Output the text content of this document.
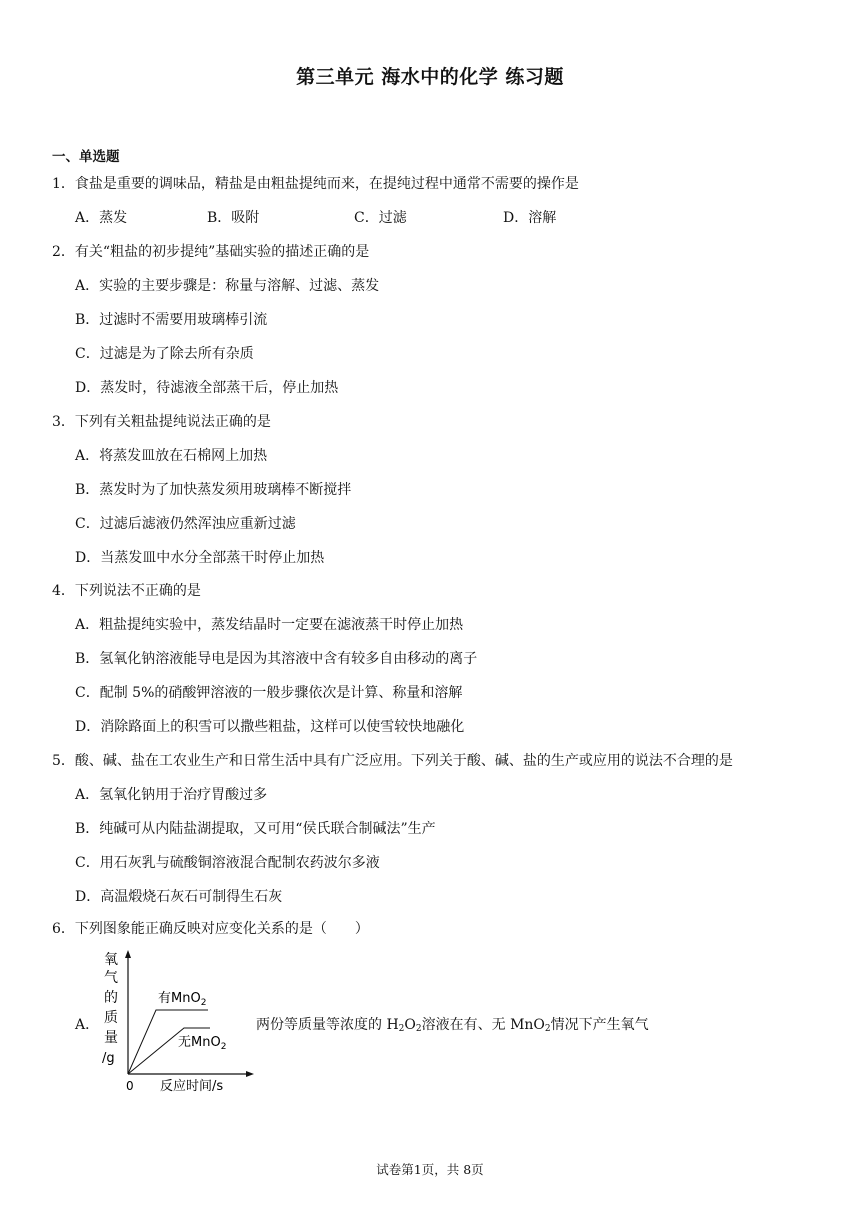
第三单元 海水中的化学 练习题
一、单选题
1．食盐是重要的调味品，精盐是由粗盐提纯而来，在提纯过程中通常不需要的操作是
A．蒸发	B．吸附	C．过滤	D．溶解
2．有关“粗盐的初步提纯”基础实验的描述正确的是
A．实验的主要步骤是：称量与溶解、过滤、蒸发
B．过滤时不需要用玻璃棒引流
C．过滤是为了除去所有杂质
D．蒸发时，待滤液全部蒸干后，停止加热
3．下列有关粗盐提纯说法正确的是
A．将蒸发皿放在石棉网上加热
B．蒸发时为了加快蒸发须用玻璃棒不断搅拌
C．过滤后滤液仍然浑浊应重新过滤
D．当蒸发皿中水分全部蒸干时停止加热
4．下列说法不正确的是
A．粗盐提纯实验中，蒸发结晶时一定要在滤液蒸干时停止加热
B．氢氧化钠溶液能导电是因为其溶液中含有较多自由移动的离子
C．配制 5%的硝酸钾溶液的一般步骤依次是计算、称量和溶解
D．消除路面上的积雪可以撒些粗盐，这样可以使雪较快地融化
5．酸、碱、盐在工农业生产和日常生活中具有广泛应用。下列关于酸、碱、盐的生产或应用的说法不合理的是
A．氢氧化钠用于治疗胃酸过多
B．纯碱可从内陆盐湖提取，又可用“侯氏联合制碱法”生产
C．用石灰乳与硫酸铜溶液混合配制农药波尔多液
D．高温煅烧石灰石可制得生石灰
6．下列图象能正确反映对应变化关系的是（　　）
A．
氧
气
的
质
量
/g
0 反应时间/s
有MnO$_2$
无MnO$_2$
两份等质量等浓度的 $H_2O_2$溶液在有、无 MnO$_2$情况下产生氧气
试卷第1页，共 8页
